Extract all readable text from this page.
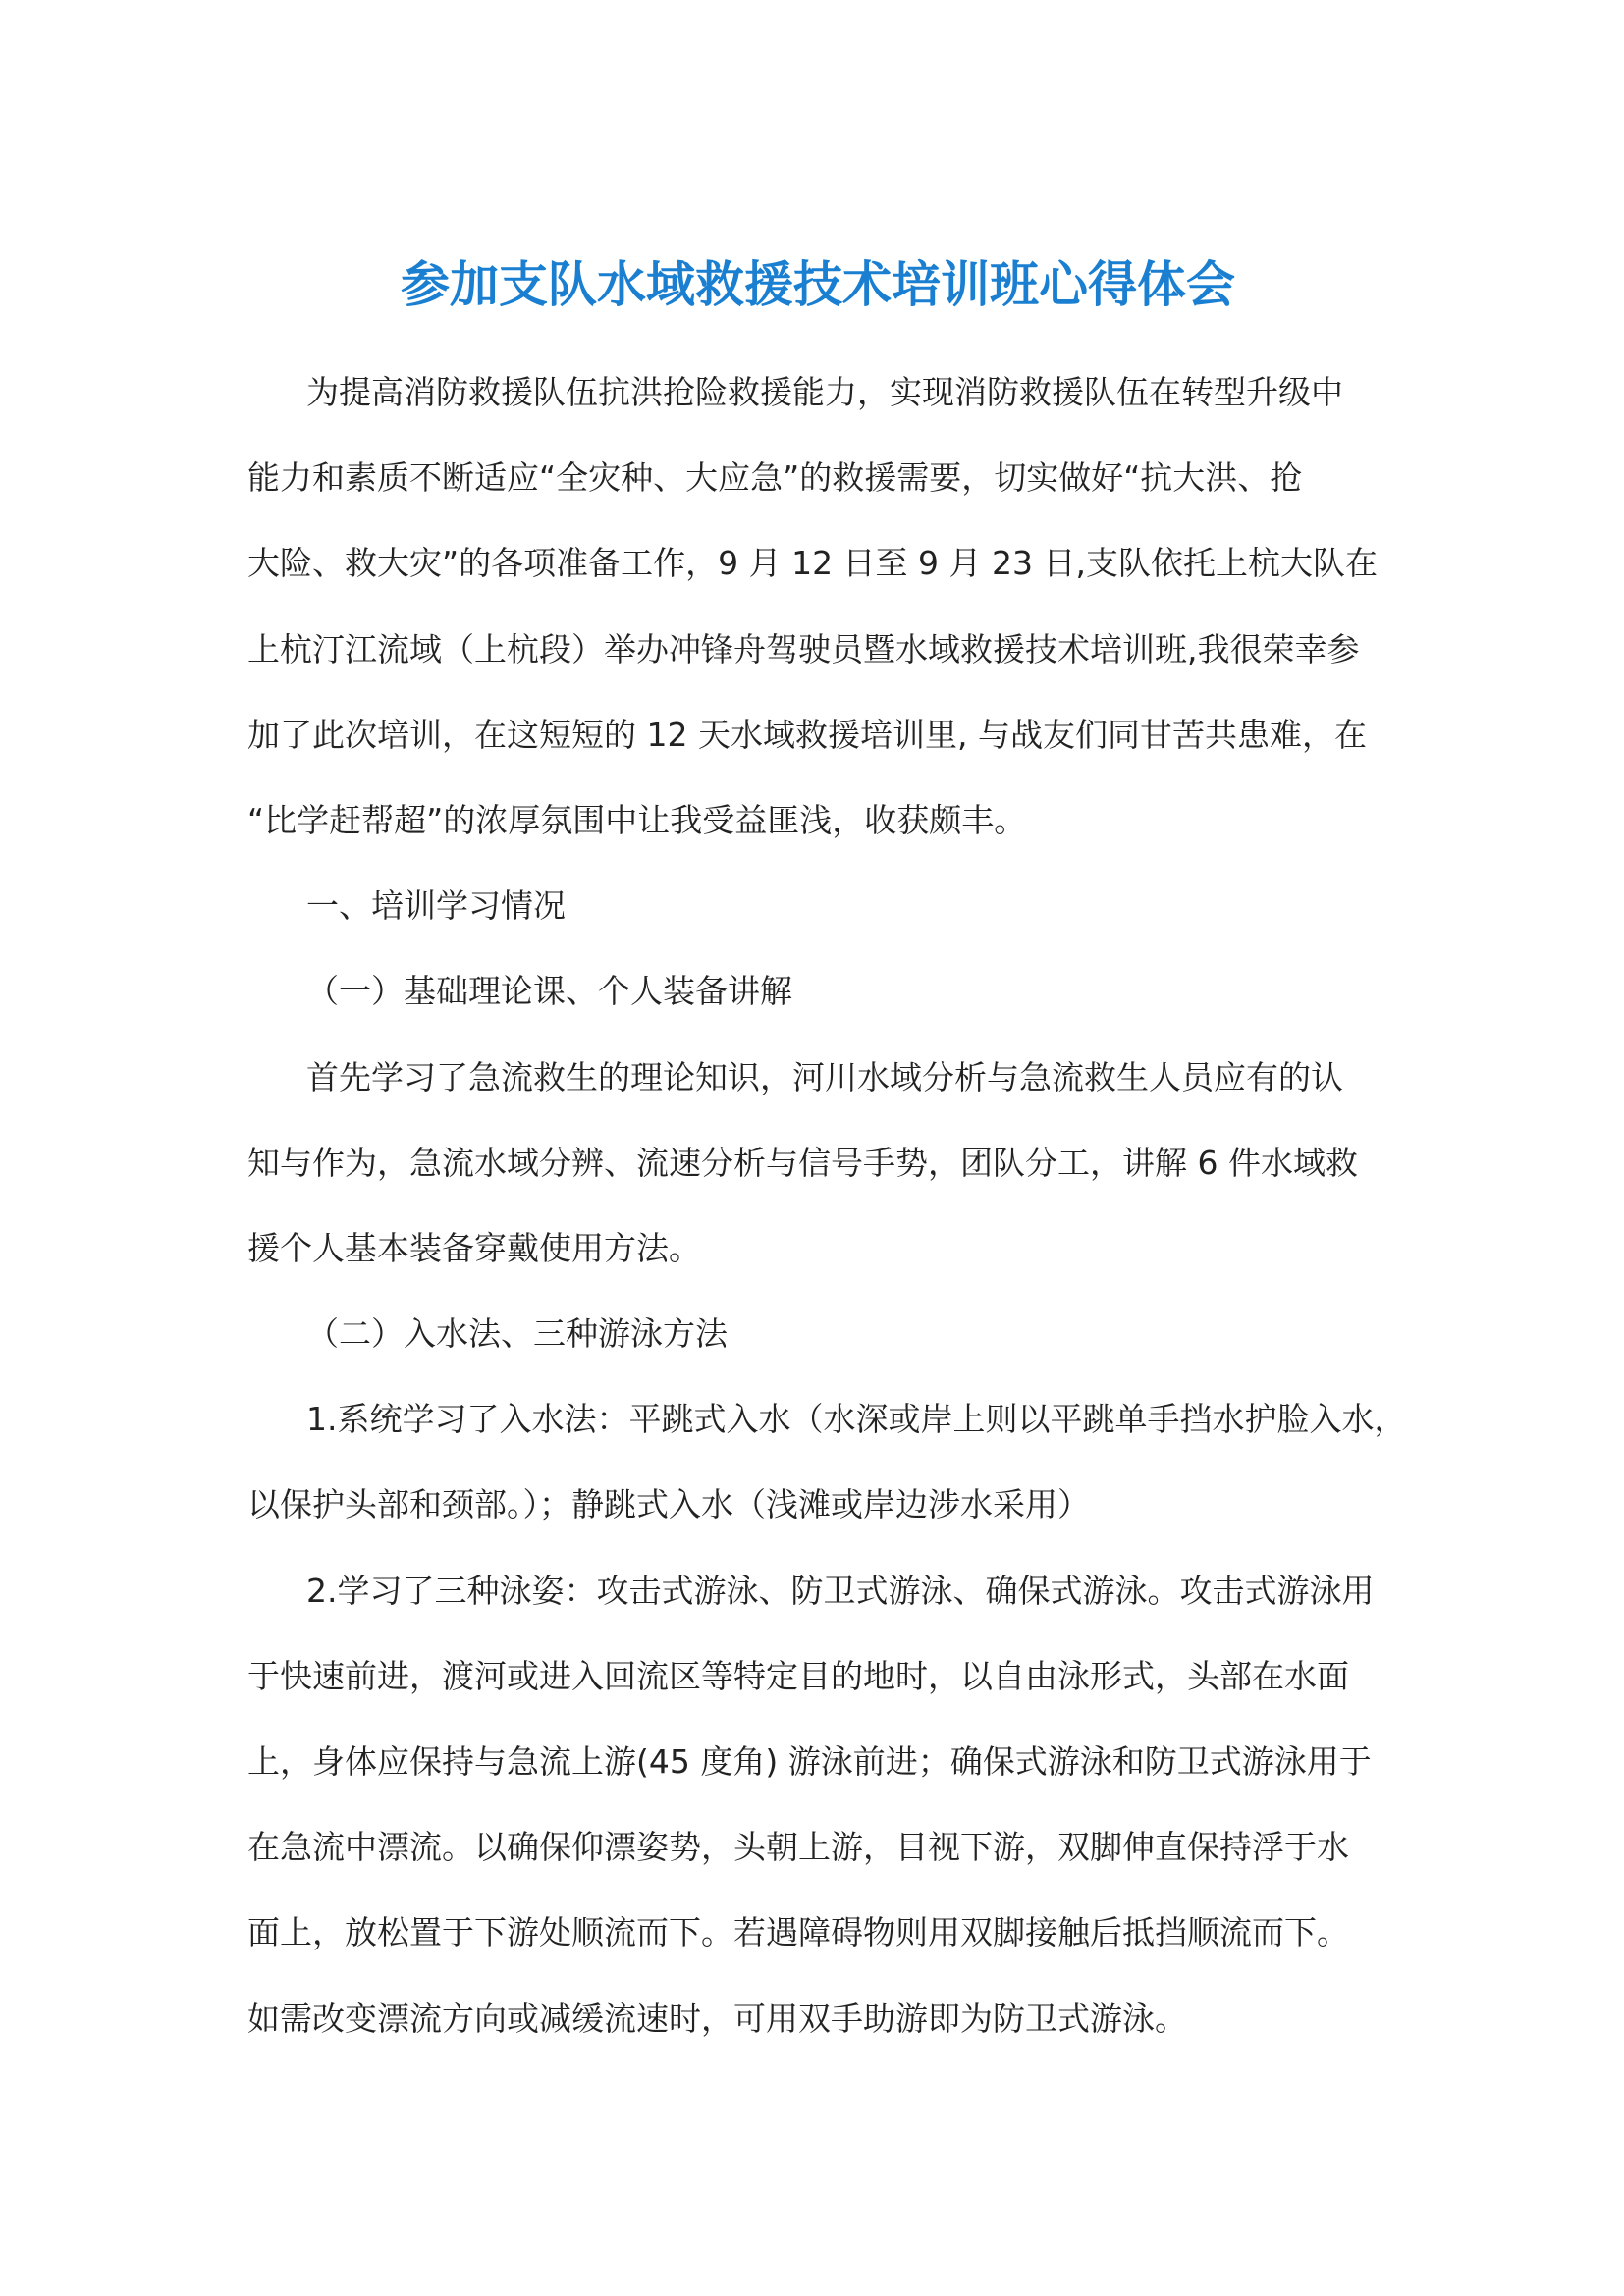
参加支队水域救援技术培训班心得体会
为提高消防救援队伍抗洪抢险救援能力，实现消防救援队伍在转型升级中
能力和素质不断适应“全灾种、大应急”的救援需要，切实做好“抗大洪、抢
大险、救大灾”的各项准备工作，9 月 12 日至 9 月 23 日,支队依托上杭大队在
上杭汀江流域（上杭段）举办冲锋舟驾驶员暨水域救援技术培训班,我很荣幸参
加了此次培训，在这短短的 12 天水域救援培训里, 与战友们同甘苦共患难，在
“比学赶帮超”的浓厚氛围中让我受益匪浅，收获颇丰。
一、培训学习情况
（一）基础理论课、个人装备讲解
首先学习了急流救生的理论知识，河川水域分析与急流救生人员应有的认
知与作为，急流水域分辨、流速分析与信号手势，团队分工，讲解 6 件水域救
援个人基本装备穿戴使用方法。
（二）入水法、三种游泳方法
1.系统学习了入水法：平跳式入水（水深或岸上则以平跳单手挡水护脸入水，
以保护头部和颈部。）；静跳式入水（浅滩或岸边涉水采用）
2.学习了三种泳姿：攻击式游泳、防卫式游泳、确保式游泳。攻击式游泳用
于快速前进，渡河或进入回流区等特定目的地时，以自由泳形式，头部在水面
上，身体应保持与急流上游(45 度角) 游泳前进；确保式游泳和防卫式游泳用于
在急流中漂流。以确保仰漂姿势，头朝上游，目视下游，双脚伸直保持浮于水
面上，放松置于下游处顺流而下。若遇障碍物则用双脚接触后抵挡顺流而下。
如需改变漂流方向或减缓流速时，可用双手助游即为防卫式游泳。
